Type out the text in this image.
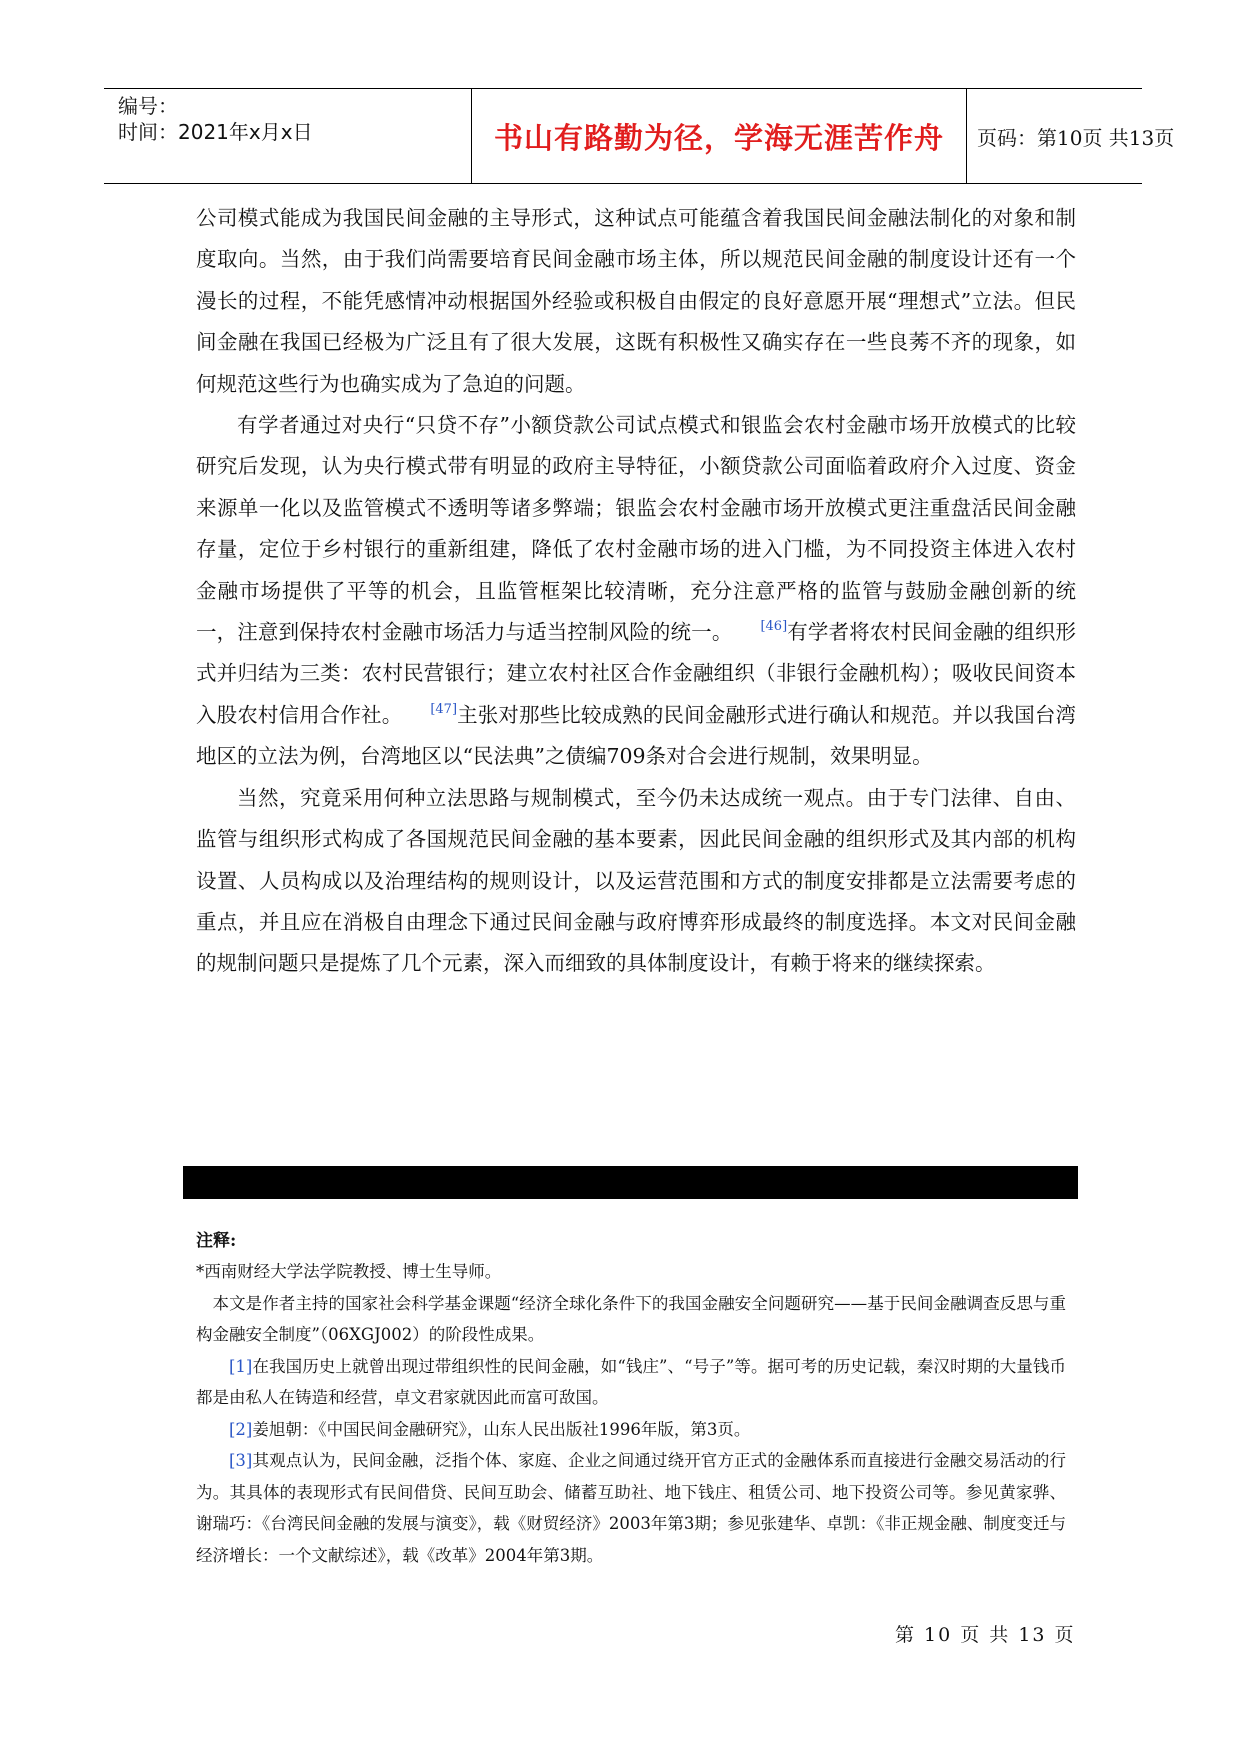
编号：
时间：2021年x月x日	书山有路勤为径，学海无涯苦作舟 页码：第10页 共13页

公司模式能成为我国民间金融的主导形式，这种试点可能蕴含着我国民间金融法制化的对象和制度取向。当然，由于我们尚需要培育民间金融市场主体，所以规范民间金融的制度设计还有一个漫长的过程，不能凭感情冲动根据国外经验或积极自由假定的良好意愿开展“理想式”立法。但民间金融在我国已经极为广泛且有了很大发展，这既有积极性又确实存在一些良莠不齐的现象，如何规范这些行为也确实成为了急迫的问题。

有学者通过对央行“只贷不存”小额贷款公司试点模式和银监会农村金融市场开放模式的比较研究后发现，认为央行模式带有明显的政府主导特征，小额贷款公司面临着政府介入过度、资金来源单一化以及监管模式不透明等诸多弊端；银监会农村金融市场开放模式更注重盘活民间金融存量，定位于乡村银行的重新组建，降低了农村金融市场的进入门槛，为不同投资主体进入农村金融市场提供了平等的机会，且监管框架比较清晰，充分注意严格的监管与鼓励金融创新的统一，注意到保持农村金融市场活力与适当控制风险的统一。 [46]有学者将农村民间金融的组织形式并归结为三类：农村民营银行；建立农村社区合作金融组织（非银行金融机构）；吸收民间资本入股农村信用合作社。 [47]主张对那些比较成熟的民间金融形式进行确认和规范。并以我国台湾地区的立法为例，台湾地区以“民法典”之债编709条对合会进行规制，效果明显。

当然，究竟采用何种立法思路与规制模式，至今仍未达成统一观点。由于专门法律、自由、监管与组织形式构成了各国规范民间金融的基本要素，因此民间金融的组织形式及其内部的机构设置、人员构成以及治理结构的规则设计，以及运营范围和方式的制度安排都是立法需要考虑的重点，并且应在消极自由理念下通过民间金融与政府博弈形成最终的制度选择。本文对民间金融的规制问题只是提炼了几个元素，深入而细致的具体制度设计，有赖于将来的继续探索。

注释:

*西南财经大学法学院教授、博士生导师。

本文是作者主持的国家社会科学基金课题“经济全球化条件下的我国金融安全问题研究——基于民间金融调查反思与重构金融安全制度”（06XGJ002）的阶段性成果。

[1]在我国历史上就曾出现过带组织性的民间金融，如“钱庄”、“号子”等。据可考的历史记载，秦汉时期的大量钱币都是由私人在铸造和经营，卓文君家就因此而富可敌国。

[2]姜旭朝：《中国民间金融研究》，山东人民出版社1996年版，第3页。

[3]其观点认为，民间金融，泛指个体、家庭、企业之间通过绕开官方正式的金融体系而直接进行金融交易活动的行为。其具体的表现形式有民间借贷、民间互助会、储蓄互助社、地下钱庄、租赁公司、地下投资公司等。参见黄家骅、谢瑞巧：《台湾民间金融的发展与演变》，载《财贸经济》2003年第3期；参见张建华、卓凯：《非正规金融、制度变迁与经济增长：一个文献综述》，载《改革》2004年第3期。

第 10 页 共 13 页
